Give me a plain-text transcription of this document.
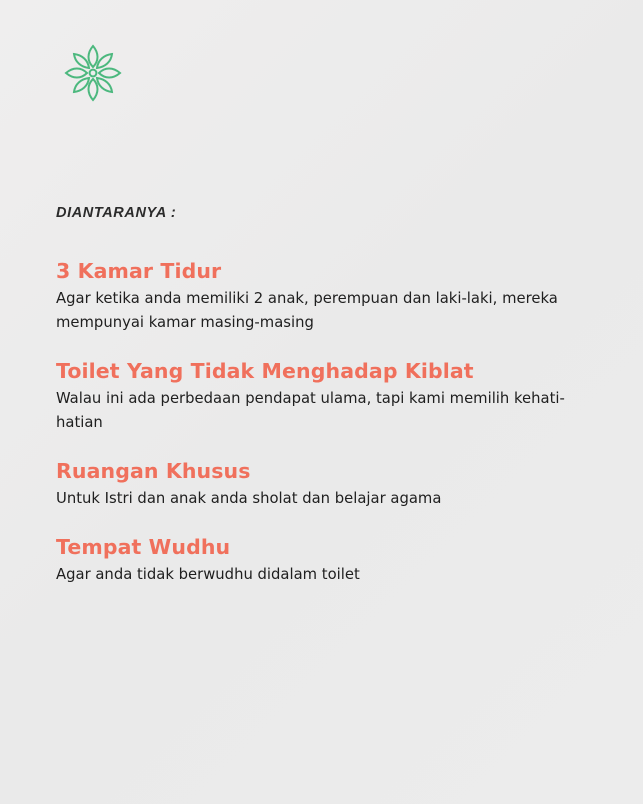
DIANTARANYA :

3 Kamar Tidur

Agar ketika anda memiliki 2 anak, perempuan dan laki-laki, mereka mempunyai kamar masing-masing

Toilet Yang Tidak Menghadap Kiblat

Walau ini ada perbedaan pendapat ulama, tapi kami memilih kehati-hatian

Ruangan Khusus

Untuk Istri dan anak anda sholat dan belajar agama

Tempat Wudhu

Agar anda tidak berwudhu didalam toilet
